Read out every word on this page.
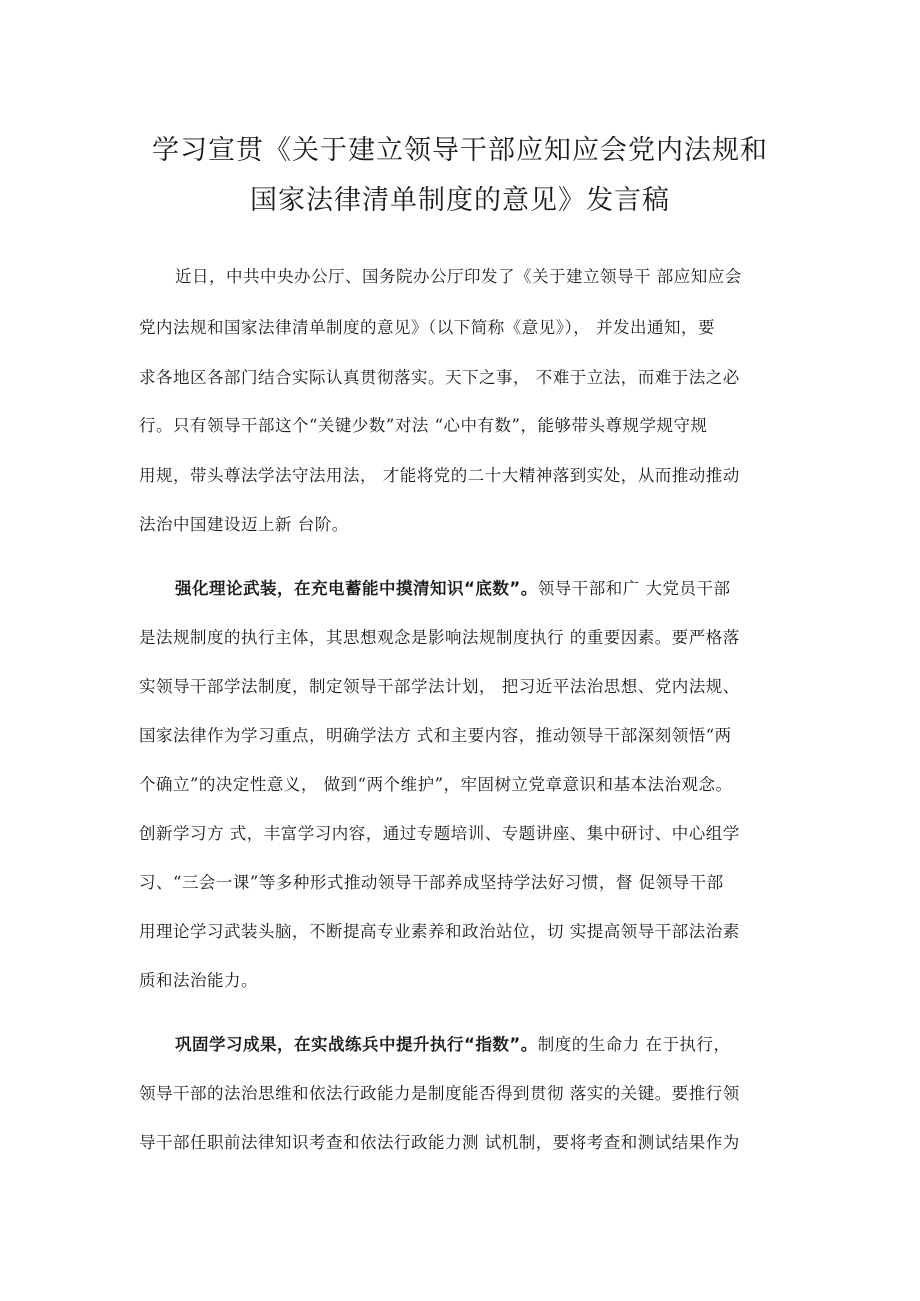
学习宣贯《关于建立领导干部应知应会党内法规和
国家法律清单制度的意见》发言稿
近日，中共中央办公厅、国务院办公厅印发了《关于建立领导干 部应知应会
党内法规和国家法律清单制度的意见》（以下简称《意见》）， 并发出通知，要
求各地区各部门结合实际认真贯彻落实。天下之事， 不难于立法，而难于法之必
行。只有领导干部这个“关键少数”对法 “心中有数”，能够带头尊规学规守规
用规，带头尊法学法守法用法， 才能将党的二十大精神落到实处，从而推动推动
法治中国建设迈上新 台阶。
强化理论武装，在充电蓄能中摸清知识“底数”。领导干部和广 大党员干部
是法规制度的执行主体，其思想观念是影响法规制度执行 的重要因素。要严格落
实领导干部学法制度，制定领导干部学法计划， 把习近平法治思想、党内法规、
国家法律作为学习重点，明确学法方 式和主要内容，推动领导干部深刻领悟“两
个确立”的决定性意义， 做到“两个维护”，牢固树立党章意识和基本法治观念。
创新学习方 式，丰富学习内容，通过专题培训、专题讲座、集中研讨、中心组学
习、“三会一课”等多种形式推动领导干部养成坚持学法好习惯，督 促领导干部
用理论学习武装头脑，不断提高专业素养和政治站位，切 实提高领导干部法治素
质和法治能力。
巩固学习成果，在实战练兵中提升执行“指数”。制度的生命力 在于执行，
领导干部的法治思维和依法行政能力是制度能否得到贯彻 落实的关键。要推行领
导干部任职前法律知识考查和依法行政能力测 试机制，要将考查和测试结果作为
